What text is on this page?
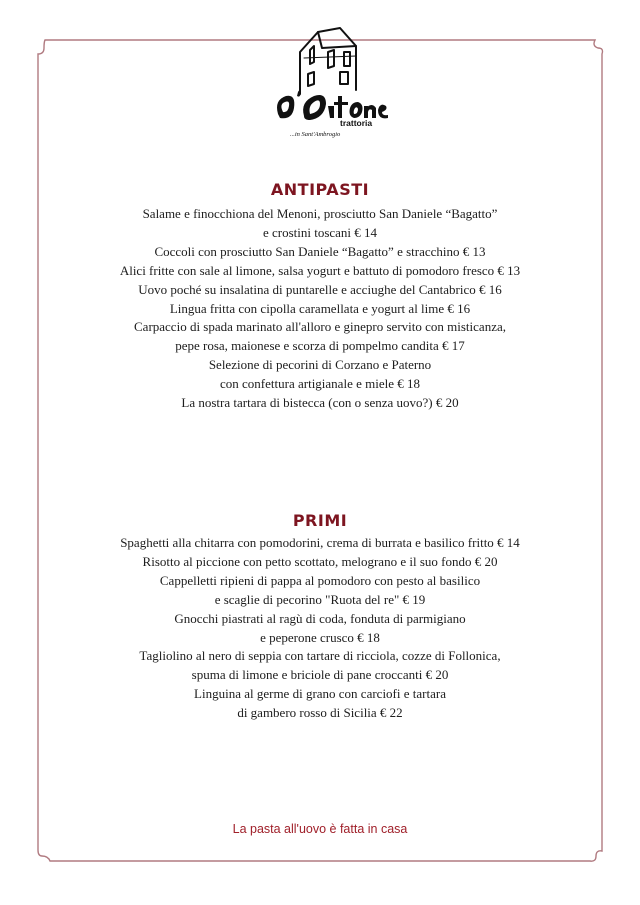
trattoria
...in Sant'Ambrogio
ANTIPASTI
Salame e finocchiona del Menoni, prosciutto San Daniele “Bagatto”
e crostini toscani € 14
Coccoli con prosciutto San Daniele “Bagatto” e stracchino € 13
Alici fritte con sale al limone, salsa yogurt e battuto di pomodoro fresco € 13
Uovo poché su insalatina di puntarelle e acciughe del Cantabrico € 16
Lingua fritta con cipolla caramellata e yogurt al lime € 16
Carpaccio di spada marinato all'alloro e ginepro servito con misticanza,
pepe rosa, maionese e scorza di pompelmo candita € 17
Selezione di pecorini di Corzano e Paterno
con confettura artigianale e miele € 18
La nostra tartara di bistecca (con o senza uovo?) € 20
PRIMI
Spaghetti alla chitarra con pomodorini, crema di burrata e basilico fritto € 14
Risotto al piccione con petto scottato, melograno e il suo fondo € 20
Cappelletti ripieni di pappa al pomodoro con pesto al basilico
e scaglie di pecorino "Ruota del re" € 19
Gnocchi piastrati al ragù di coda, fonduta di parmigiano
e peperone crusco € 18
Tagliolino al nero di seppia con tartare di ricciola, cozze di Follonica,
spuma di limone e briciole di pane croccanti € 20
Linguina al germe di grano con carciofi e tartara
di gambero rosso di Sicilia € 22
La pasta all'uovo è fatta in casa
